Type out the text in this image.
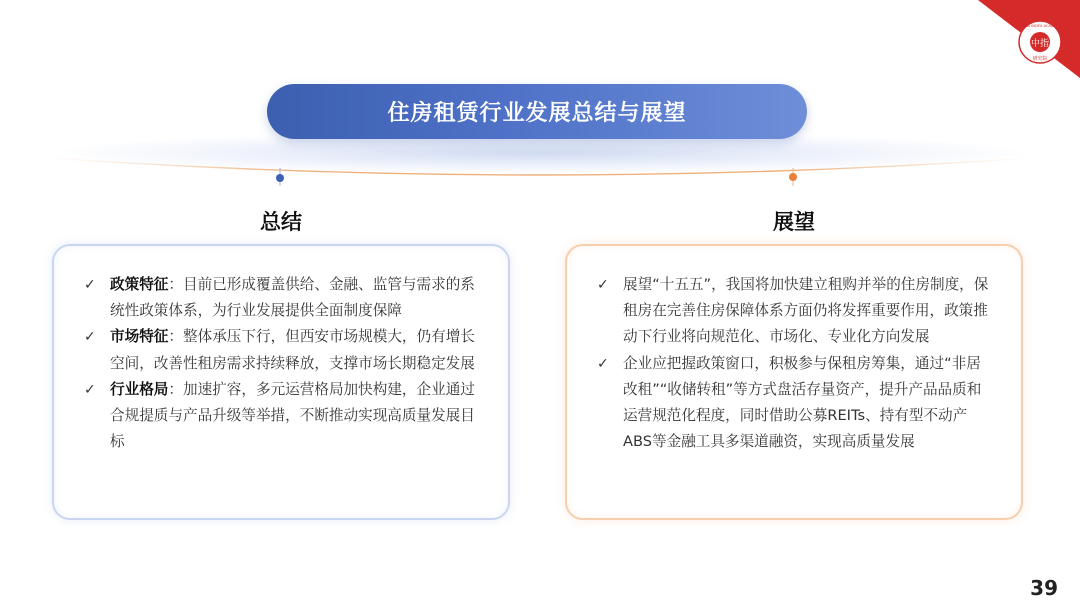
中指
研究院
CHINA INDEX ACADEMY
住房租赁行业发展总结与展望
总结	展望
✓ 政策特征：目前已形成覆盖供给、金融、监管与需求的系统性政策体系，为行业发展提供全面制度保障
✓ 市场特征：整体承压下行，但西安市场规模大，仍有增长空间，改善性租房需求持续释放，支撑市场长期稳定发展
✓ 行业格局：加速扩容，多元运营格局加快构建，企业通过合规提质与产品升级等举措，不断推动实现高质量发展目标
✓ 展望“十五五”，我国将加快建立租购并举的住房制度，保租房在完善住房保障体系方面仍将发挥重要作用，政策推动下行业将向规范化、市场化、专业化方向发展
✓ 企业应把握政策窗口，积极参与保租房筹集，通过“非居改租”“收储转租”等方式盘活存量资产，提升产品品质和运营规范化程度，同时借助公募REITs、持有型不动产ABS等金融工具多渠道融资，实现高质量发展
39
